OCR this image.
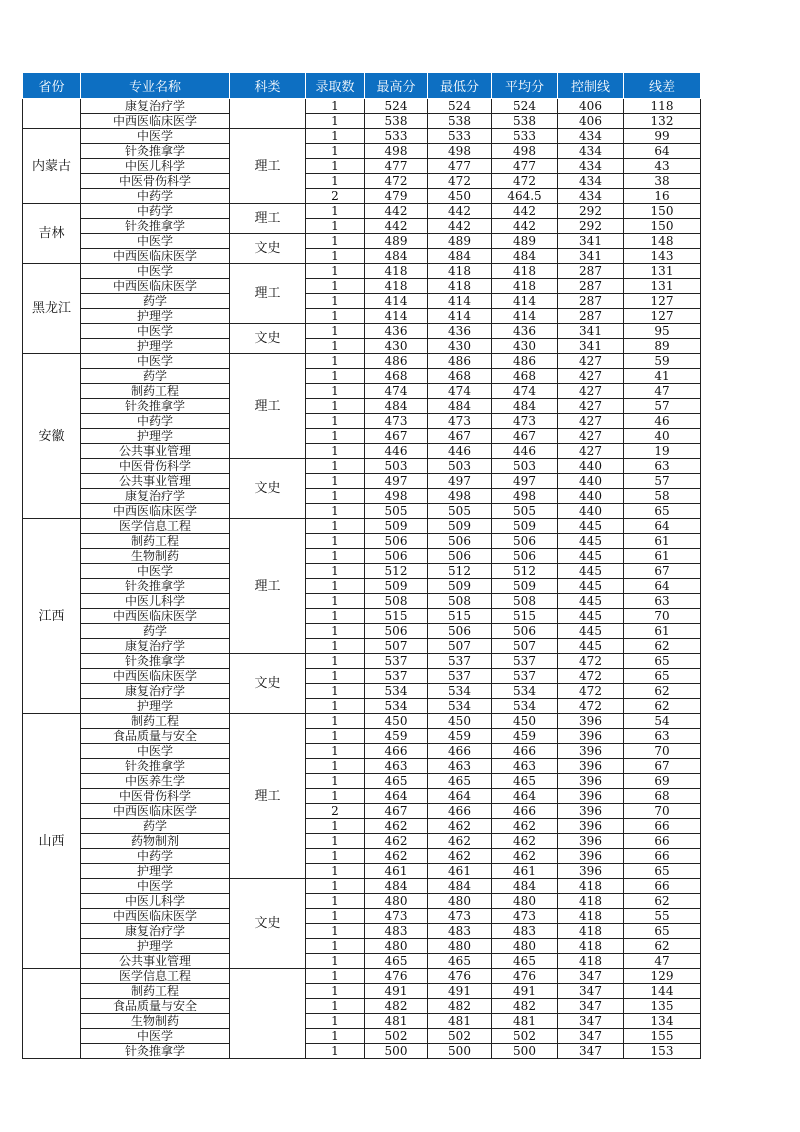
省份	专业名称	科类	录取数	最高分	最低分	平均分	控制线	线差
	康复治疗学		1	524	524	524	406	118
	中西医临床医学		1	538	538	538	406	132
内蒙古	中医学	理工	1	533	533	533	434	99
	针灸推拿学		1	498	498	498	434	64
	中医儿科学		1	477	477	477	434	43
	中医骨伤科学		1	472	472	472	434	38
	中药学		2	479	450	464.5	434	16
吉林	中药学	理工	1	442	442	442	292	150
	针灸推拿学		1	442	442	442	292	150
	中医学	文史	1	489	489	489	341	148
	中西医临床医学		1	484	484	484	341	143
黑龙江	中医学	理工	1	418	418	418	287	131
	中西医临床医学		1	418	418	418	287	131
	药学		1	414	414	414	287	127
	护理学		1	414	414	414	287	127
	中医学	文史	1	436	436	436	341	95
	护理学		1	430	430	430	341	89
安徽	中医学	理工	1	486	486	486	427	59
	药学		1	468	468	468	427	41
	制药工程		1	474	474	474	427	47
	针灸推拿学		1	484	484	484	427	57
	中药学		1	473	473	473	427	46
	护理学		1	467	467	467	427	40
	公共事业管理		1	446	446	446	427	19
	中医骨伤科学	文史	1	503	503	503	440	63
	公共事业管理		1	497	497	497	440	57
	康复治疗学		1	498	498	498	440	58
	中西医临床医学		1	505	505	505	440	65
江西	医学信息工程	理工	1	509	509	509	445	64
	制药工程		1	506	506	506	445	61
	生物制药		1	506	506	506	445	61
	中医学		1	512	512	512	445	67
	针灸推拿学		1	509	509	509	445	64
	中医儿科学		1	508	508	508	445	63
	中西医临床医学		1	515	515	515	445	70
	药学		1	506	506	506	445	61
	康复治疗学		1	507	507	507	445	62
	针灸推拿学	文史	1	537	537	537	472	65
	中西医临床医学		1	537	537	537	472	65
	康复治疗学		1	534	534	534	472	62
	护理学		1	534	534	534	472	62
山西	制药工程	理工	1	450	450	450	396	54
	食品质量与安全		1	459	459	459	396	63
	中医学		1	466	466	466	396	70
	针灸推拿学		1	463	463	463	396	67
	中医养生学		1	465	465	465	396	69
	中医骨伤科学		1	464	464	464	396	68
	中西医临床医学		2	467	466	466	396	70
	药学		1	462	462	462	396	66
	药物制剂		1	462	462	462	396	66
	中药学		1	462	462	462	396	66
	护理学		1	461	461	461	396	65
	中医学	文史	1	484	484	484	418	66
	中医儿科学		1	480	480	480	418	62
	中西医临床医学		1	473	473	473	418	55
	康复治疗学		1	483	483	483	418	65
	护理学		1	480	480	480	418	62
	公共事业管理		1	465	465	465	418	47
	医学信息工程		1	476	476	476	347	129
	制药工程		1	491	491	491	347	144
	食品质量与安全		1	482	482	482	347	135
	生物制药		1	481	481	481	347	134
	中医学		1	502	502	502	347	155
	针灸推拿学		1	500	500	500	347	153
